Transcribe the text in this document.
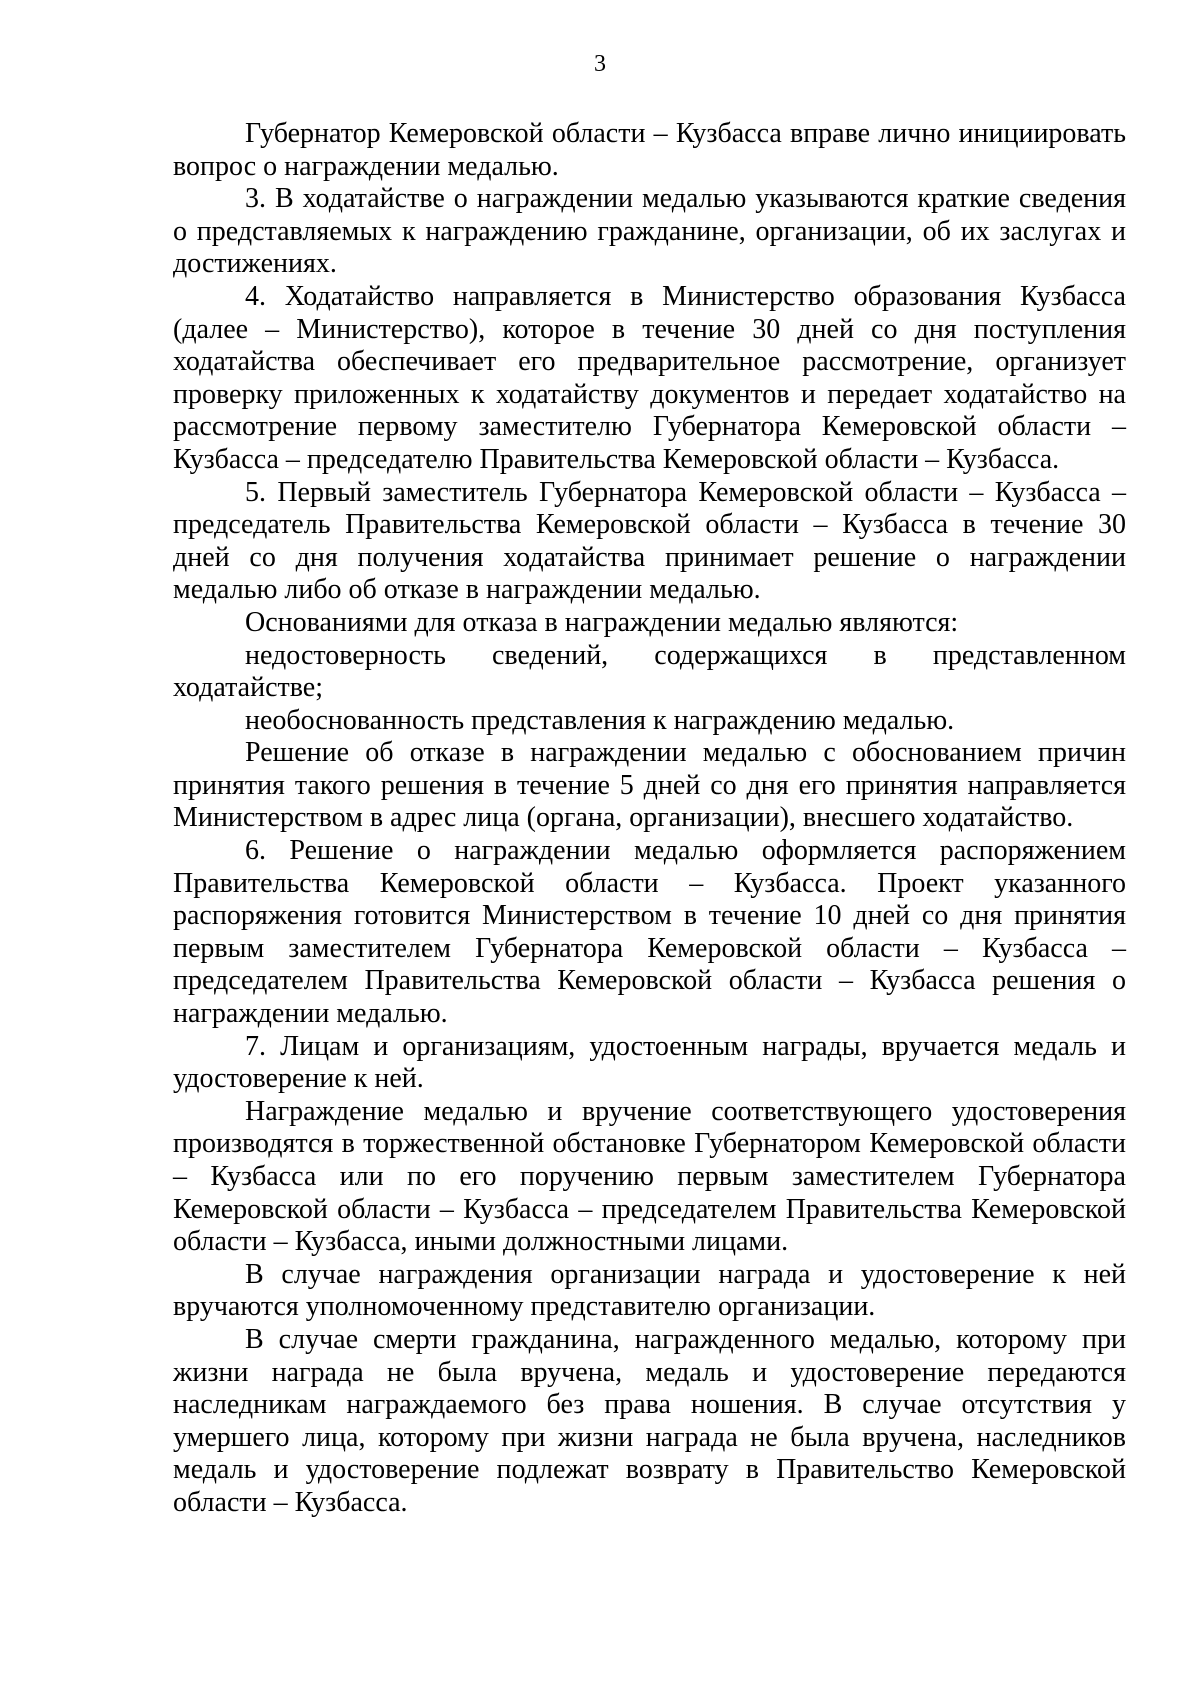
3

Губернатор Кемеровской области – Кузбасса вправе лично инициировать вопрос о награждении медалью.

3. В ходатайстве о награждении медалью указываются краткие сведения о представляемых к награждению гражданине, организации, об их заслугах и достижениях.

4. Ходатайство направляется в Министерство образования Кузбасса (далее – Министерство), которое в течение 30 дней со дня поступления ходатайства обеспечивает его предварительное рассмотрение, организует проверку приложенных к ходатайству документов и передает ходатайство на рассмотрение первому заместителю Губернатора Кемеровской области – Кузбасса – председателю Правительства Кемеровской области – Кузбасса.

5. Первый заместитель Губернатора Кемеровской области – Кузбасса – председатель Правительства Кемеровской области – Кузбасса в течение 30 дней со дня получения ходатайства принимает решение о награждении медалью либо об отказе в награждении медалью.

Основаниями для отказа в награждении медалью являются:

недостоверность сведений, содержащихся в представленном ходатайстве;

необоснованность представления к награждению медалью.

Решение об отказе в награждении медалью с обоснованием причин принятия такого решения в течение 5 дней со дня его принятия направляется Министерством в адрес лица (органа, организации), внесшего ходатайство.

6. Решение о награждении медалью оформляется распоряжением Правительства Кемеровской области – Кузбасса. Проект указанного распоряжения готовится Министерством в течение 10 дней со дня принятия первым заместителем Губернатора Кемеровской области – Кузбасса – председателем Правительства Кемеровской области – Кузбасса решения о награждении медалью.

7. Лицам и организациям, удостоенным награды, вручается медаль и удостоверение к ней.

Награждение медалью и вручение соответствующего удостоверения производятся в торжественной обстановке Губернатором Кемеровской области – Кузбасса или по его поручению первым заместителем Губернатора Кемеровской области – Кузбасса – председателем Правительства Кемеровской области – Кузбасса, иными должностными лицами.

В случае награждения организации награда и удостоверение к ней вручаются уполномоченному представителю организации.

В случае смерти гражданина, награжденного медалью, которому при жизни награда не была вручена, медаль и удостоверение передаются наследникам награждаемого без права ношения. В случае отсутствия у умершего лица, которому при жизни награда не была вручена, наследников медаль и удостоверение подлежат возврату в Правительство Кемеровской области – Кузбасса.
